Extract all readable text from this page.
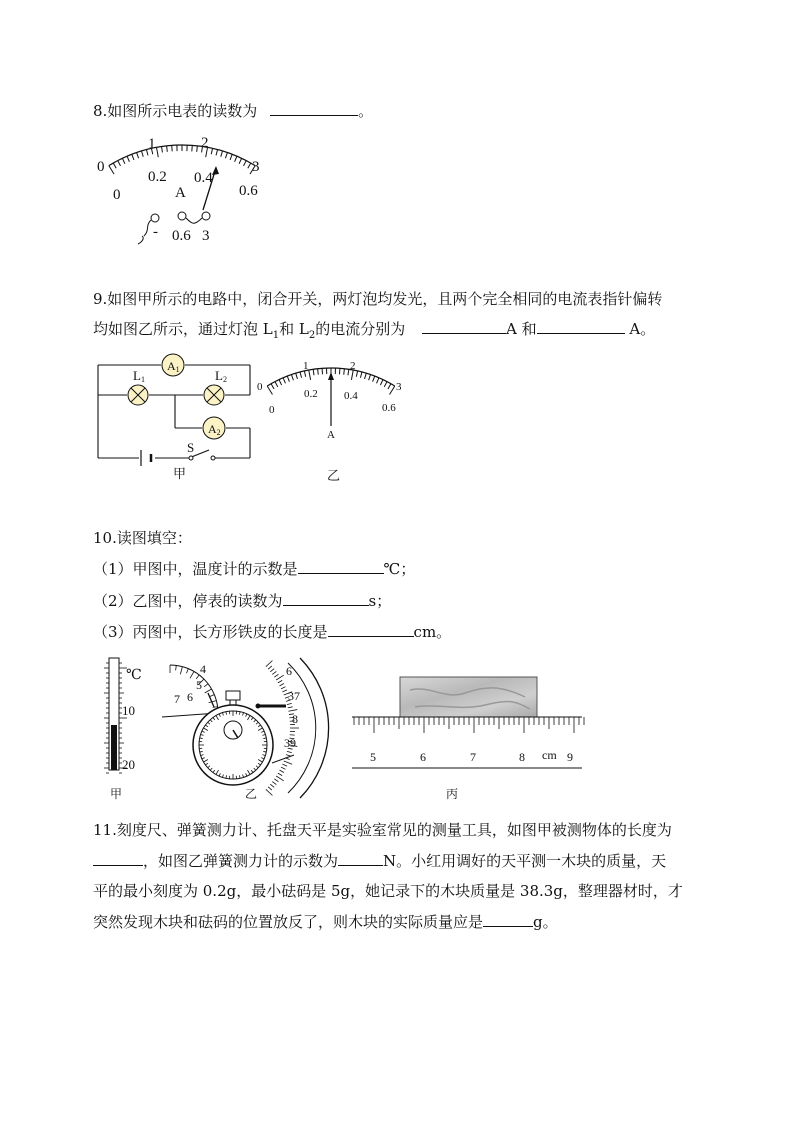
8.如图所示电表的读数为	。
0
1	2
3
0
0.2 0.4
0.6
A
- 0.6 3
9.如图甲所示的电路中，闭合开关，两灯泡均发光，且两个完全相同的电流表指针偏转
均如图乙所示，通过灯泡 $L_1$和 $L_2$的电流分别为	A 和	A。
A1
A2
L1	L2
S
甲
0
1	2
3
0
0.2 0.4
0.6
A
乙
10.读图填空：
（1）甲图中，温度计的示数是	℃；
（2）乙图中，停表的读数为	s；
（3）丙图中，长方形铁皮的长度是	cm。
℃
10
20
甲
4
5
6
7
6
37
8
39
乙
5	6	7	8 cm 9
丙
11.刻度尺、弹簧测力计、托盘天平是实验室常见的测量工具，如图甲被测物体的长度为
，如图乙弹簧测力计的示数为	N。小红用调好的天平测一木块的质量，天
平的最小刻度为 0.2g，最小砝码是 5g，她记录下的木块质量是 38.3g，整理器材时，才
突然发现木块和砝码的位置放反了，则木块的实际质量应是	g。
